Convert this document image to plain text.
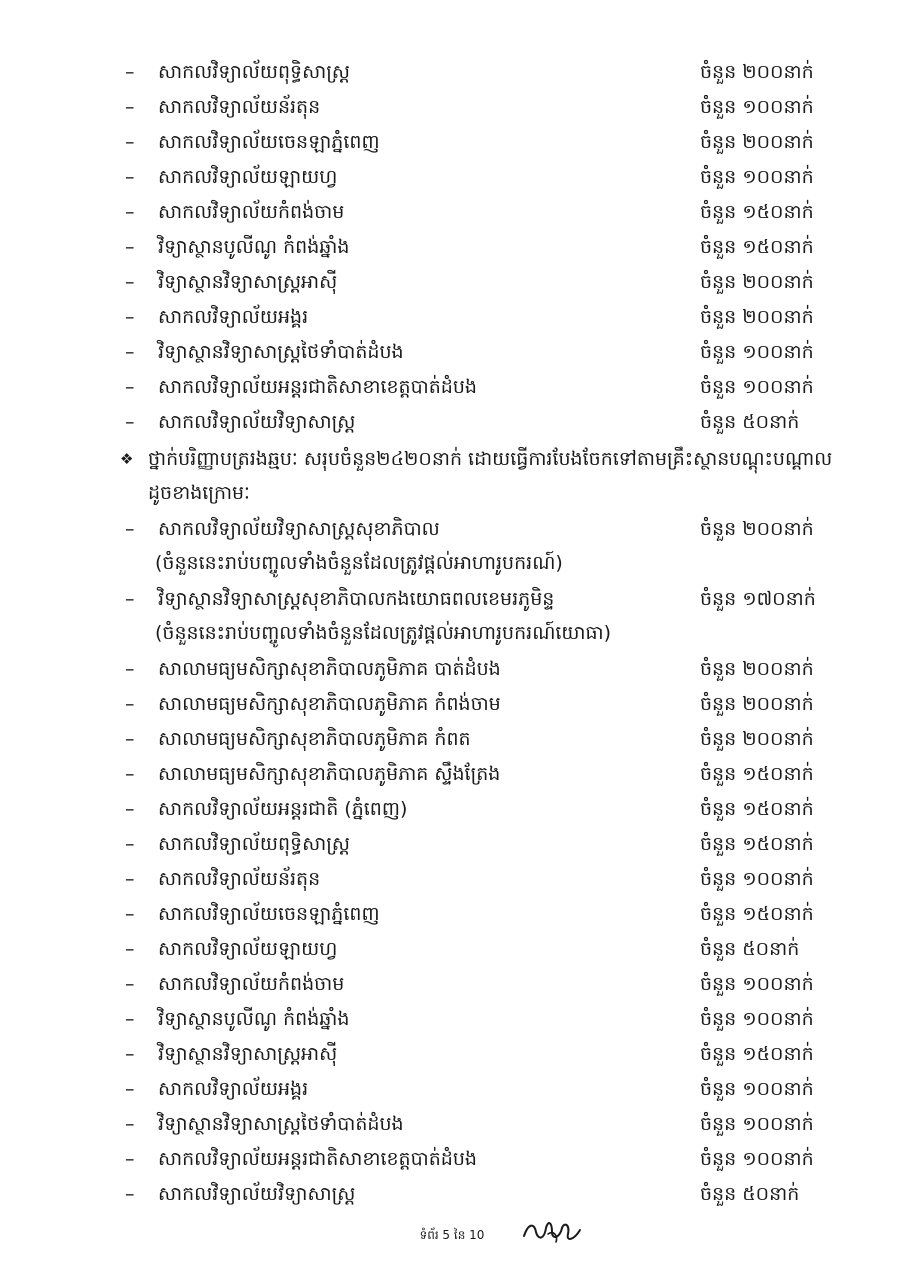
– សាកលវិទ្យាល័យពុទ្ធិសាស្ត្រ	ចំនួន ២០០នាក់
– សាកលវិទ្យាល័យន័រតុន	ចំនួន ១០០នាក់
– សាកលវិទ្យាល័យចេនឡាភ្នំពេញ	ចំនួន ២០០នាក់
– សាកលវិទ្យាល័យឡាយហ្វ	ចំនួន ១០០នាក់
– សាកលវិទ្យាល័យកំពង់ចាម	ចំនួន ១៥០នាក់
– វិទ្យាស្ថានបូលីណូ កំពង់ឆ្នាំង	ចំនួន ១៥០នាក់
– វិទ្យាស្ថានវិទ្យាសាស្ត្រអាស៊ី	ចំនួន ២០០នាក់
– សាកលវិទ្យាល័យអង្គរ	ចំនួន ២០០នាក់
– វិទ្យាស្ថានវិទ្យាសាស្ត្រថៃទាំបាត់ដំបង	ចំនួន ១០០នាក់
– សាកលវិទ្យាល័យអន្តរជាតិសាខាខេត្តបាត់ដំបង	ចំនួន ១០០នាក់
– សាកលវិទ្យាល័យវិទ្យាសាស្ត្រ	ចំនួន ៥០នាក់
❖ ថ្នាក់បរិញ្ញាបត្ររងឆ្មបៈ សរុបចំនួន២៤២០នាក់ ដោយធ្វើការបែងចែកទៅតាមគ្រឹះស្ថានបណ្តុះបណ្តាល
ដូចខាងក្រោមៈ
– សាកលវិទ្យាល័យវិទ្យាសាស្ត្រសុខាភិបាល	ចំនួន ២០០នាក់
(ចំនួននេះរាប់បញ្ចូលទាំងចំនួនដែលត្រូវផ្តល់អាហារូបករណ៍)
– វិទ្យាស្ថានវិទ្យាសាស្ត្រសុខាភិបាលកងយោធពលខេមរភូមិន្ទ	ចំនួន ១៧០នាក់
(ចំនួននេះរាប់បញ្ចូលទាំងចំនួនដែលត្រូវផ្តល់អាហារូបករណ៍យោធា)
– សាលាមធ្យមសិក្សាសុខាភិបាលភូមិភាគ បាត់ដំបង	ចំនួន ២០០នាក់
– សាលាមធ្យមសិក្សាសុខាភិបាលភូមិភាគ កំពង់ចាម	ចំនួន ២០០នាក់
– សាលាមធ្យមសិក្សាសុខាភិបាលភូមិភាគ កំពត	ចំនួន ២០០នាក់
– សាលាមធ្យមសិក្សាសុខាភិបាលភូមិភាគ ស្ទឹងត្រែង	ចំនួន ១៥០នាក់
– សាកលវិទ្យាល័យអន្តរជាតិ (ភ្នំពេញ)	ចំនួន ១៥០នាក់
– សាកលវិទ្យាល័យពុទ្ធិសាស្ត្រ	ចំនួន ១៥០នាក់
– សាកលវិទ្យាល័យន័រតុន	ចំនួន ១០០នាក់
– សាកលវិទ្យាល័យចេនឡាភ្នំពេញ	ចំនួន ១៥០នាក់
– សាកលវិទ្យាល័យឡាយហ្វ	ចំនួន ៥០នាក់
– សាកលវិទ្យាល័យកំពង់ចាម	ចំនួន ១០០នាក់
– វិទ្យាស្ថានបូលីណូ កំពង់ឆ្នាំង	ចំនួន ១០០នាក់
– វិទ្យាស្ថានវិទ្យាសាស្ត្រអាស៊ី	ចំនួន ១៥០នាក់
– សាកលវិទ្យាល័យអង្គរ	ចំនួន ១០០នាក់
– វិទ្យាស្ថានវិទ្យាសាស្ត្រថៃទាំបាត់ដំបង	ចំនួន ១០០នាក់
– សាកលវិទ្យាល័យអន្តរជាតិសាខាខេត្តបាត់ដំបង	ចំនួន ១០០នាក់
– សាកលវិទ្យាល័យវិទ្យាសាស្ត្រ	ចំនួន ៥០នាក់
ទំព័រ 5 នៃ 10
